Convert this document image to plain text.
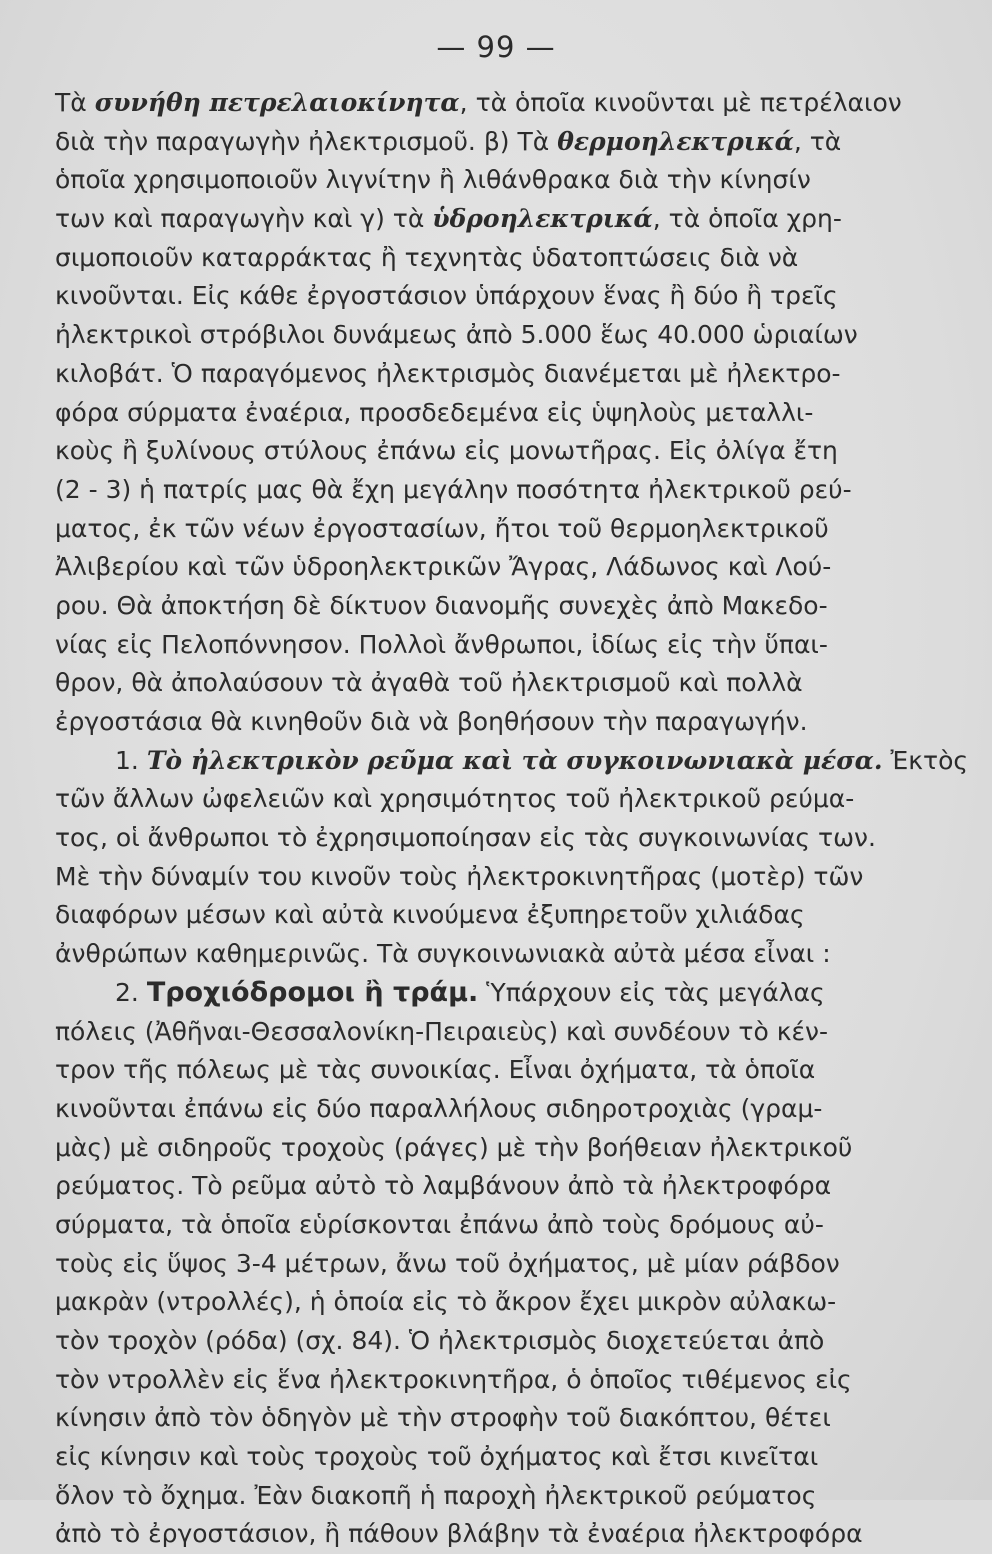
— 99 —
Τὰ συνήθη πετρελαιοκίνητα, τὰ ὁποῖα κινοῦνται μὲ πετρέλαιον
διὰ τὴν παραγωγὴν ἠλεκτρισμοῦ. β) Τὰ θερμοηλεκτρικά, τὰ
ὁποῖα χρησιμοποιοῦν λιγνίτην ἢ λιθάνθρακα διὰ τὴν κίνησίν
των καὶ παραγωγὴν καὶ γ) τὰ ὑδροηλεκτρικά, τὰ ὁποῖα χρη-
σιμοποιοῦν καταρράκτας ἢ τεχνητὰς ὑδατοπτώσεις διὰ νὰ
κινοῦνται. Εἰς κάθε ἐργοστάσιον ὑπάρχουν ἕνας ἢ δύο ἢ τρεῖς
ἠλεκτρικοὶ στρόβιλοι δυνάμεως ἀπὸ 5.000 ἕως 40.000 ὡριαίων
κιλοβάτ. Ὁ παραγόμενος ἠλεκτρισμὸς διανέμεται μὲ ἠλεκτρο-
φόρα σύρματα ἐναέρια, προσδεδεμένα εἰς ὑψηλοὺς μεταλλι-
κοὺς ἢ ξυλίνους στύλους ἐπάνω εἰς μονωτῆρας. Εἰς ὀλίγα ἔτη
(2 - 3) ἡ πατρίς μας θὰ ἔχη μεγάλην ποσότητα ἠλεκτρικοῦ ρεύ-
ματος, ἐκ τῶν νέων ἐργοστασίων, ἤτοι τοῦ θερμοηλεκτρικοῦ
Ἀλιβερίου καὶ τῶν ὑδροηλεκτρικῶν Ἄγρας, Λάδωνος καὶ Λού-
ρου. Θὰ ἀποκτήση δὲ δίκτυον διανομῆς συνεχὲς ἀπὸ Μακεδο-
νίας εἰς Πελοπόννησον. Πολλοὶ ἄνθρωποι, ἰδίως εἰς τὴν ὕπαι-
θρον, θὰ ἀπολαύσουν τὰ ἀγαθὰ τοῦ ἠλεκτρισμοῦ καὶ πολλὰ
ἐργοστάσια θὰ κινηθοῦν διὰ νὰ βοηθήσουν τὴν παραγωγήν.
1. Τὸ ἠλεκτρικὸν ρεῦμα καὶ τὰ συγκοινωνιακὰ μέσα. Ἐκτὸς
τῶν ἄλλων ὠφελειῶν καὶ χρησιμότητος τοῦ ἠλεκτρικοῦ ρεύμα-
τος, οἱ ἄνθρωποι τὸ ἐχρησιμοποίησαν εἰς τὰς συγκοινωνίας των.
Μὲ τὴν δύναμίν του κινοῦν τοὺς ἠλεκτροκινητῆρας (μοτὲρ) τῶν
διαφόρων μέσων καὶ αὐτὰ κινούμενα ἐξυπηρετοῦν χιλιάδας
ἀνθρώπων καθημερινῶς. Τὰ συγκοινωνιακὰ αὐτὰ μέσα εἶναι :
2. Τροχιόδρομοι ἢ τράμ. Ὑπάρχουν εἰς τὰς μεγάλας
πόλεις (Ἀθῆναι-Θεσσαλονίκη-Πειραιεὺς) καὶ συνδέουν τὸ κέν-
τρον τῆς πόλεως μὲ τὰς συνοικίας. Εἶναι ὀχήματα, τὰ ὁποῖα
κινοῦνται ἐπάνω εἰς δύο παραλλήλους σιδηροτροχιὰς (γραμ-
μὰς) μὲ σιδηροῦς τροχοὺς (ράγες) μὲ τὴν βοήθειαν ἠλεκτρικοῦ
ρεύματος. Τὸ ρεῦμα αὐτὸ τὸ λαμβάνουν ἀπὸ τὰ ἠλεκτροφόρα
σύρματα, τὰ ὁποῖα εὑρίσκονται ἐπάνω ἀπὸ τοὺς δρόμους αὐ-
τοὺς εἰς ὕψος 3-4 μέτρων, ἄνω τοῦ ὀχήματος, μὲ μίαν ράβδον
μακρὰν (ντρολλές), ἡ ὁποία εἰς τὸ ἄκρον ἔχει μικρὸν αὐλακω-
τὸν τροχὸν (ρόδα) (σχ. 84). Ὁ ἠλεκτρισμὸς διοχετεύεται ἀπὸ
τὸν ντρολλὲν εἰς ἕνα ἠλεκτροκινητῆρα, ὁ ὁποῖος τιθέμενος εἰς
κίνησιν ἀπὸ τὸν ὁδηγὸν μὲ τὴν στροφὴν τοῦ διακόπτου, θέτει
εἰς κίνησιν καὶ τοὺς τροχοὺς τοῦ ὀχήματος καὶ ἔτσι κινεῖται
ὅλον τὸ ὄχημα. Ἐὰν διακοπῆ ἡ παροχὴ ἠλεκτρικοῦ ρεύματος
ἀπὸ τὸ ἐργοστάσιον, ἢ πάθουν βλάβην τὰ ἐναέρια ἠλεκτροφόρα
